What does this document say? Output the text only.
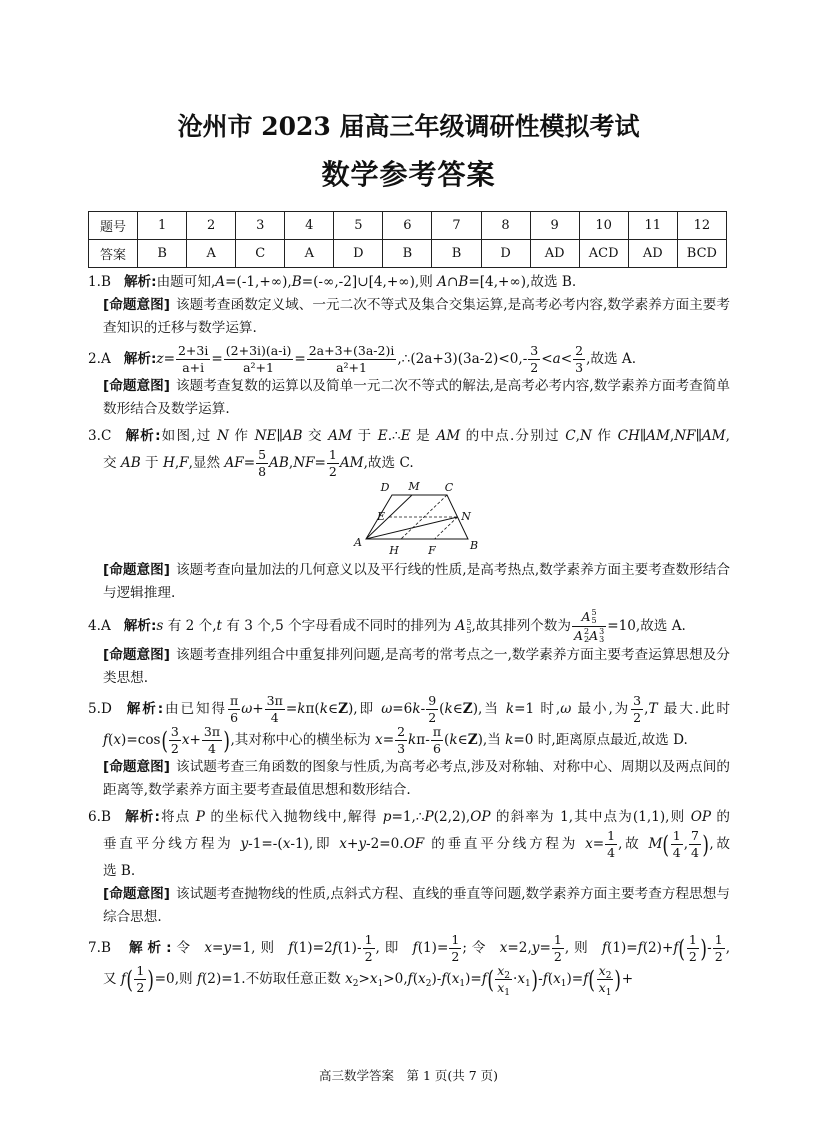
沧州市 2023 届高三年级调研性模拟考试
数学参考答案
题号	1	2	3	4	5	6	7	8	9	10	11	12
答案	B	A	C	A	D	B	B	D	AD	ACD	AD	BCD
1.B 解析:由题可知,A=(-1,+∞),B=(-∞,-2]∪[4,+∞),则 A∩B=[4,+∞),故选 B.
[命题意图] 该题考查函数定义域、一元二次不等式及集合交集运算,是高考必考内容,数学素养方面主要考查知识的迁移与数学运算.
2.A 解析:z= $\frac{2+3i}{a+i} = \frac{(2+3i)(a-i)}{\text{a²+1}} = \frac{2a+3+(3a-2)i}{\text{a²+1}}$ ,∴(2a+3)(3a-2)<0,- $\frac{3}{2} <a< \frac{2}{3}$ ,故选 A.
[命题意图] 该题考查复数的运算以及简单一元二次不等式的解法,是高考必考内容,数学素养方面考查简单数形结合及数学运算.
3.C 解析:如图,过 N 作 NE∥AB 交 AM 于 E.∴E 是 AM 的中点.分别过 C,N 作 CH∥AM,NF∥AM,
交 AB 于 H,F,显然 $AF= \frac{5}{8} AB,NF= \frac{1}{2}$ AM,故选 C.
D M C
E	N
A
H	F	B
[命题意图] 该题考查向量加法的几何意义以及平行线的性质,是高考热点,数学素养方面主要考查数形结合与逻辑推理.
4.A 解析:s 有 2 个,t 有 3 个,5 个字母看成不同时的排列为 A 5
5 ,故其排列个数为 A 5
5
A 2
2 A 3
3 =10,故选 A.
[命题意图] 该题考查排列组合中重复排列问题,是高考的常考点之一,数学素养方面主要考查运算思想及分类思想.
5.D 解析:由已知得 $\frac{\pi}{6} \omega+ \frac{3\pi}{4}$ =kπ(k∈Z),即 $\omega=6k- \frac{9}{2}$ (k∈Z),当 k=1 时,ω 最小,为 $\frac{3}{2} ,T$ 最大.此时
$f(x)=\cos( \frac{3}{2} x+ \frac{3\pi}{4}$ ),其对称中心的横坐标为 $x= \frac{2}{3} k\pi- \frac{\pi}{6}$ (k∈Z),当 k=0 时,距离原点最近,故选 D.
[命题意图] 该试题考查三角函数的图象与性质,为高考必考点,涉及对称轴、对称中心、周期以及两点间的距离等,数学素养方面主要考查最值思想和数形结合.
6.B 解析:将点 P 的坐标代入抛物线中,解得 p=1,∴P(2,2),OP 的斜率为 1,其中点为(1,1),则 OP 的
垂直平分线方程为 y-1=-(x-1),即 x+y-2=0.OF 的垂直平分线方程为 $x= \frac{1}{4}$ ,故 $M( \frac{1}{4}$ , $\frac{7}{4}$ ),故
选 B.
[命题意图] 该试题考查抛物线的性质,点斜式方程、直线的垂直等问题,数学素养方面主要考查方程思想与综合思想.
7.B 解析:令 x=y=1,则 $f(1)=2f(1)- \frac{1}{2}$ ,即 $f(1)= \frac{1}{2}$ ;令 $x=2,y= \frac{1}{2}$ ,则 $f(1)=f(2)+f( \frac{1}{2}$ )- $\frac{1}{2}$ ,
又 $f( \frac{1}{2} )=0$,则 f(2)=1.不妨取任意正数 $x_2>x_1>0,f(x_2)-f(x_1)=f( \frac{x_2}{x_1} \cdot x_1)-f(x_1)=f( \frac{x_2}{x_1}$ )+
高三数学答案　第 1 页(共 7 页)
